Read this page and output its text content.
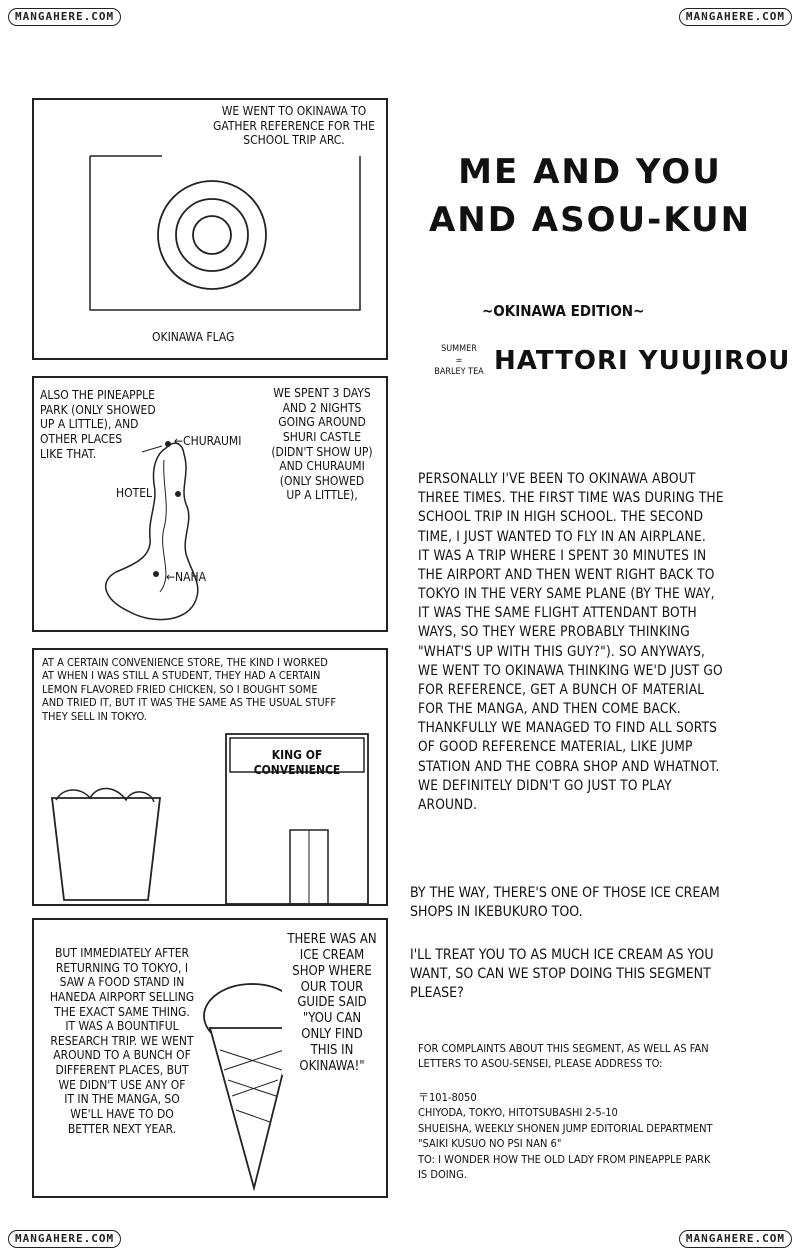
MANGAHERE.COM	MANGAHERE.COM
MANGAHERE.COM	MANGAHERE.COM
WE WENT TO OKINAWA TO
GATHER REFERENCE FOR THE
SCHOOL TRIP ARC.
OKINAWA FLAG
ME AND YOU
AND ASOU-KUN
~OKINAWA EDITION~
SUMMER
=
BARLEY TEA HATTORI YUUJIROU
ALSO THE PINEAPPLE
PARK (ONLY SHOWED
UP A LITTLE), AND
OTHER PLACES
LIKE THAT.
WE SPENT 3 DAYS
AND 2 NIGHTS
GOING AROUND
SHURI CASTLE
(DIDN'T SHOW UP)
AND CHURAUMI
(ONLY SHOWED
UP A LITTLE),
←CHURAUMI
HOTEL
←NAHA
AT A CERTAIN CONVENIENCE STORE, THE KIND I WORKED
AT WHEN I WAS STILL A STUDENT, THEY HAD A CERTAIN
LEMON FLAVORED FRIED CHICKEN, SO I BOUGHT SOME
AND TRIED IT, BUT IT WAS THE SAME AS THE USUAL STUFF
THEY SELL IN TOKYO.
KING OF CONVENIENCE
BUT IMMEDIATELY AFTER
RETURNING TO TOKYO, I
SAW A FOOD STAND IN
HANEDA AIRPORT SELLING
THE EXACT SAME THING.
IT WAS A BOUNTIFUL
RESEARCH TRIP. WE WENT
AROUND TO A BUNCH OF
DIFFERENT PLACES, BUT
WE DIDN'T USE ANY OF
IT IN THE MANGA, SO
WE'LL HAVE TO DO
BETTER NEXT YEAR.
THERE WAS AN
ICE CREAM
SHOP WHERE
OUR TOUR
GUIDE SAID
"YOU CAN
ONLY FIND
THIS IN
OKINAWA!"
PERSONALLY I'VE BEEN TO OKINAWA ABOUT
THREE TIMES. THE FIRST TIME WAS DURING THE
SCHOOL TRIP IN HIGH SCHOOL. THE SECOND
TIME, I JUST WANTED TO FLY IN AN AIRPLANE.
IT WAS A TRIP WHERE I SPENT 30 MINUTES IN
THE AIRPORT AND THEN WENT RIGHT BACK TO
TOKYO IN THE VERY SAME PLANE (BY THE WAY,
IT WAS THE SAME FLIGHT ATTENDANT BOTH
WAYS, SO THEY WERE PROBABLY THINKING
"WHAT'S UP WITH THIS GUY?"). SO ANYWAYS,
WE WENT TO OKINAWA THINKING WE'D JUST GO
FOR REFERENCE, GET A BUNCH OF MATERIAL
FOR THE MANGA, AND THEN COME BACK.
THANKFULLY WE MANAGED TO FIND ALL SORTS
OF GOOD REFERENCE MATERIAL, LIKE JUMP
STATION AND THE COBRA SHOP AND WHATNOT.
WE DEFINITELY DIDN'T GO JUST TO PLAY
AROUND.
BY THE WAY, THERE'S ONE OF THOSE ICE CREAM
SHOPS IN IKEBUKURO TOO.
I'LL TREAT YOU TO AS MUCH ICE CREAM AS YOU
WANT, SO CAN WE STOP DOING THIS SEGMENT
PLEASE?
FOR COMPLAINTS ABOUT THIS SEGMENT, AS WELL AS FAN
LETTERS TO ASOU-SENSEI, PLEASE ADDRESS TO:
〒101-8050
CHIYODA, TOKYO, HITOTSUBASHI 2-5-10
SHUEISHA, WEEKLY SHONEN JUMP EDITORIAL DEPARTMENT
"SAIKI KUSUO NO PSI NAN 6"
TO: I WONDER HOW THE OLD LADY FROM PINEAPPLE PARK
IS DOING.
